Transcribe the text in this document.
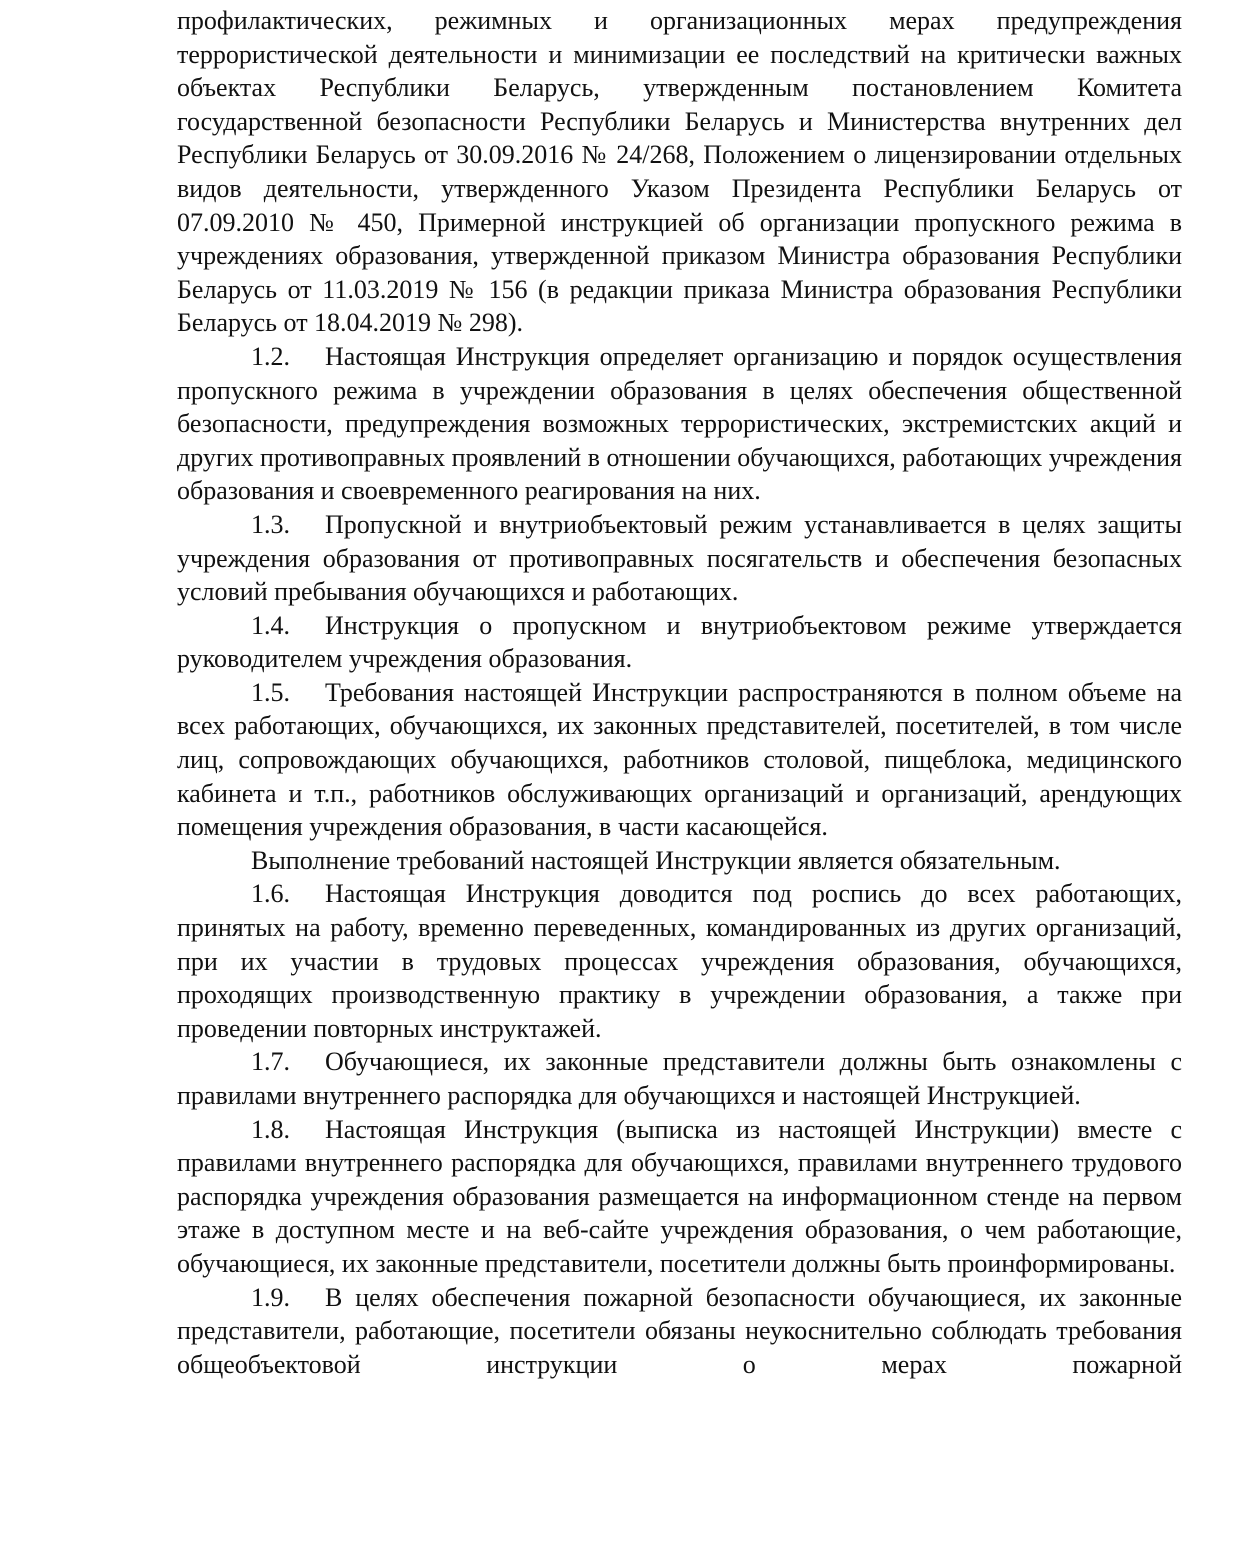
профилактических, режимных и организационных мерах предупреждения террористической деятельности и минимизации ее последствий на критически важных объектах Республики Беларусь, утвержденным постановлением Комитета государственной безопасности Республики Беларусь и Министерства внутренних дел Республики Беларусь от 30.09.2016 № 24/268, Положением о лицензировании отдельных видов деятельности, утвержденного Указом Президента Республики Беларусь от 07.09.2010 № 450, Примерной инструкцией об организации пропускного режима в учреждениях образования, утвержденной приказом Министра образования Республики Беларусь от 11.03.2019 № 156 (в редакции приказа Министра образования Республики Беларусь от 18.04.2019 № 298).

1.2. Настоящая Инструкция определяет организацию и порядок осуществления пропускного режима в учреждении образования в целях обеспечения общественной безопасности, предупреждения возможных террористических, экстремистских акций и других противоправных проявлений в отношении обучающихся, работающих учреждения образования и своевременного реагирования на них.

1.3. Пропускной и внутриобъектовый режим устанавливается в целях защиты учреждения образования от противоправных посягательств и обеспечения безопасных условий пребывания обучающихся и работающих.

1.4. Инструкция о пропускном и внутриобъектовом режиме утверждается руководителем учреждения образования.

1.5. Требования настоящей Инструкции распространяются в полном объеме на всех работающих, обучающихся, их законных представителей, посетителей, в том числе лиц, сопровождающих обучающихся, работников столовой, пищеблока, медицинского кабинета и т.п., работников обслуживающих организаций и организаций, арендующих помещения учреждения образования, в части касающейся.

Выполнение требований настоящей Инструкции является обязательным.

1.6. Настоящая Инструкция доводится под роспись до всех работающих, принятых на работу, временно переведенных, командированных из других организаций, при их участии в трудовых процессах учреждения образования, обучающихся, проходящих производственную практику в учреждении образования, а также при проведении повторных инструктажей.

1.7. Обучающиеся, их законные представители должны быть ознакомлены с правилами внутреннего распорядка для обучающихся и настоящей Инструкцией.

1.8. Настоящая Инструкция (выписка из настоящей Инструкции) вместе с правилами внутреннего распорядка для обучающихся, правилами внутреннего трудового распорядка учреждения образования размещается на информационном стенде на первом этаже в доступном месте и на веб-сайте учреждения образования, о чем работающие, обучающиеся, их законные представители, посетители должны быть проинформированы.

1.9. В целях обеспечения пожарной безопасности обучающиеся, их законные представители, работающие, посетители обязаны неукоснительно соблюдать требования общеобъектовой инструкции о мерах пожарной
